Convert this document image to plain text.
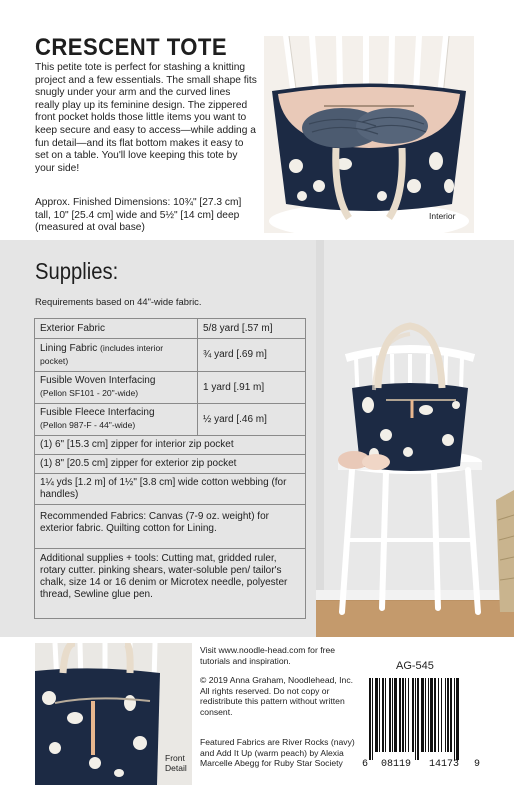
CRESCENT TOTE

This petite tote is perfect for stashing a knitting project and a few essentials. The small shape fits snugly under your arm and the curved lines really play up its feminine design. The zippered front pocket holds those little items you want to keep secure and easy to access—while adding a fun detail—and its flat bottom makes it easy to set on a table. You'll love keeping this tote by your side!

Approx. Finished Dimensions: 10¾" [27.3 cm] tall, 10" [25.4 cm] wide and 5½" [14 cm] deep (measured at oval base)

Interior
Supplies:
Requirements based on 44"-wide fabric.
Exterior Fabric	5/8 yard [.57 m]
Lining Fabric (includes interior pocket)	¾ yard [.69 m]
Fusible Woven Interfacing
(Pellon SF101 - 20"-wide)	1 yard [.91 m]
Fusible Fleece Interfacing
(Pellon 987-F - 44"-wide)	½ yard [.46 m]
(1) 6" [15.3 cm] zipper for interior zip pocket	
(1) 8" [20.5 cm] zipper for exterior zip pocket	
1¼ yds [1.2 m] of 1½" [3.8 cm] wide cotton webbing (for handles)	
Recommended Fabrics: Canvas (7-9 oz. weight) for exterior fabric. Quilting cotton for Lining.	
Additional supplies + tools: Cutting mat, gridded ruler, rotary cutter. pinking shears, water-soluble pen/ tailor's chalk, size 14 or 16 denim or Microtex needle, polyester thread, Sewline glue pen.	
Front
Detail

Visit www.noodle-head.com for free tutorials and inspiration.

© 2019 Anna Graham, Noodlehead, Inc. All rights reserved. Do not copy or redistribute this pattern without written consent.

Featured Fabrics are River Rocks (navy) and Add It Up (warm peach) by Alexia Marcelle Abegg for Ruby Star Society

AG-545
6 08119 14173 9
